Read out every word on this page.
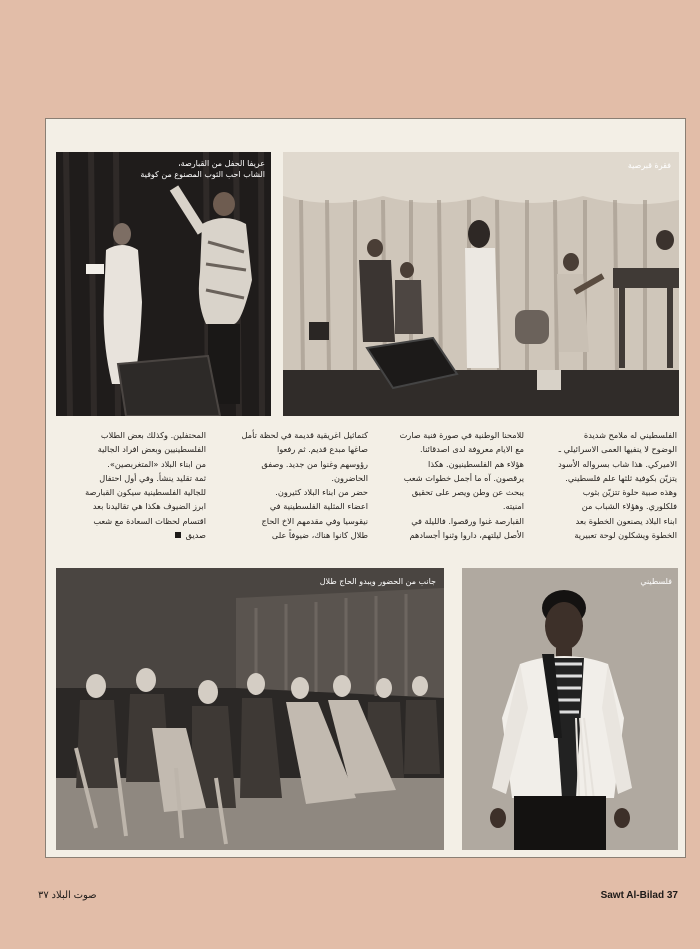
عريفا الحفل من القبارصة،
الشاب احب الثوب المصنوع من كوفية
فقرة قبرصية
الفلسطيني له ملامح شديدة
الوضوح لا ينفيها العمى الاسرائيلي ـ
الاميركي. هذا شاب بسرواله الأسود
يتزيّن بكوفية ثلثها علم فلسطيني.
وهذه صبية حلوة تتزيّن بثوب
فلكلوري. وهؤلاء الشباب من
ابناء البلاد يصنعون الخطوة بعد
الخطوة ويشكلون لوحة تعبيرية
للامحنا الوطنية في صورة فنية صارت
مع الايام معروفة لدى اصدقائنا.
هؤلاء هم الفلسطينيون. هكذا
يرقصون. آه ما أجمل خطوات شعب
يبحث عن وطن ويصر على تحقيق
امنيته.
القبارصة غنوا ورقصوا. فالليلة في
الأصل ليلتهم، داروا وثنوا أجسادهم
كتماثيل اغريقية قديمة في لحظة تأمل
صاغها مبدع قديم. ثم رفعوا
رؤوسهم وغنوا من جديد. وصفق
الحاضرون.
حضر من ابناء البلاد كثيرون.
اعضاء المثلية الفلسطينية في
نيقوسيا وفي مقدمهم الاخ الحاج
طلال كانوا هناك، ضيوفاً على
المحتفلين. وكذلك بعض الطلاب
الفلسطينيين وبعض افراد الجالية
من ابناء البلاد «المتغربصين».
ثمة تقليد ينشأ. وفي أول احتفال
للجالية الفلسطينية سيكون القبارصة
ابرز الضيوف هكذا هي تقاليدنا بعد
اقتسام لحظات السعادة مع شعب
صديق
جانب من الحضور ويبدو الحاج طلال	فلسطيني
صوت البلاد ٣٧	Sawt Al-Bilad 37
